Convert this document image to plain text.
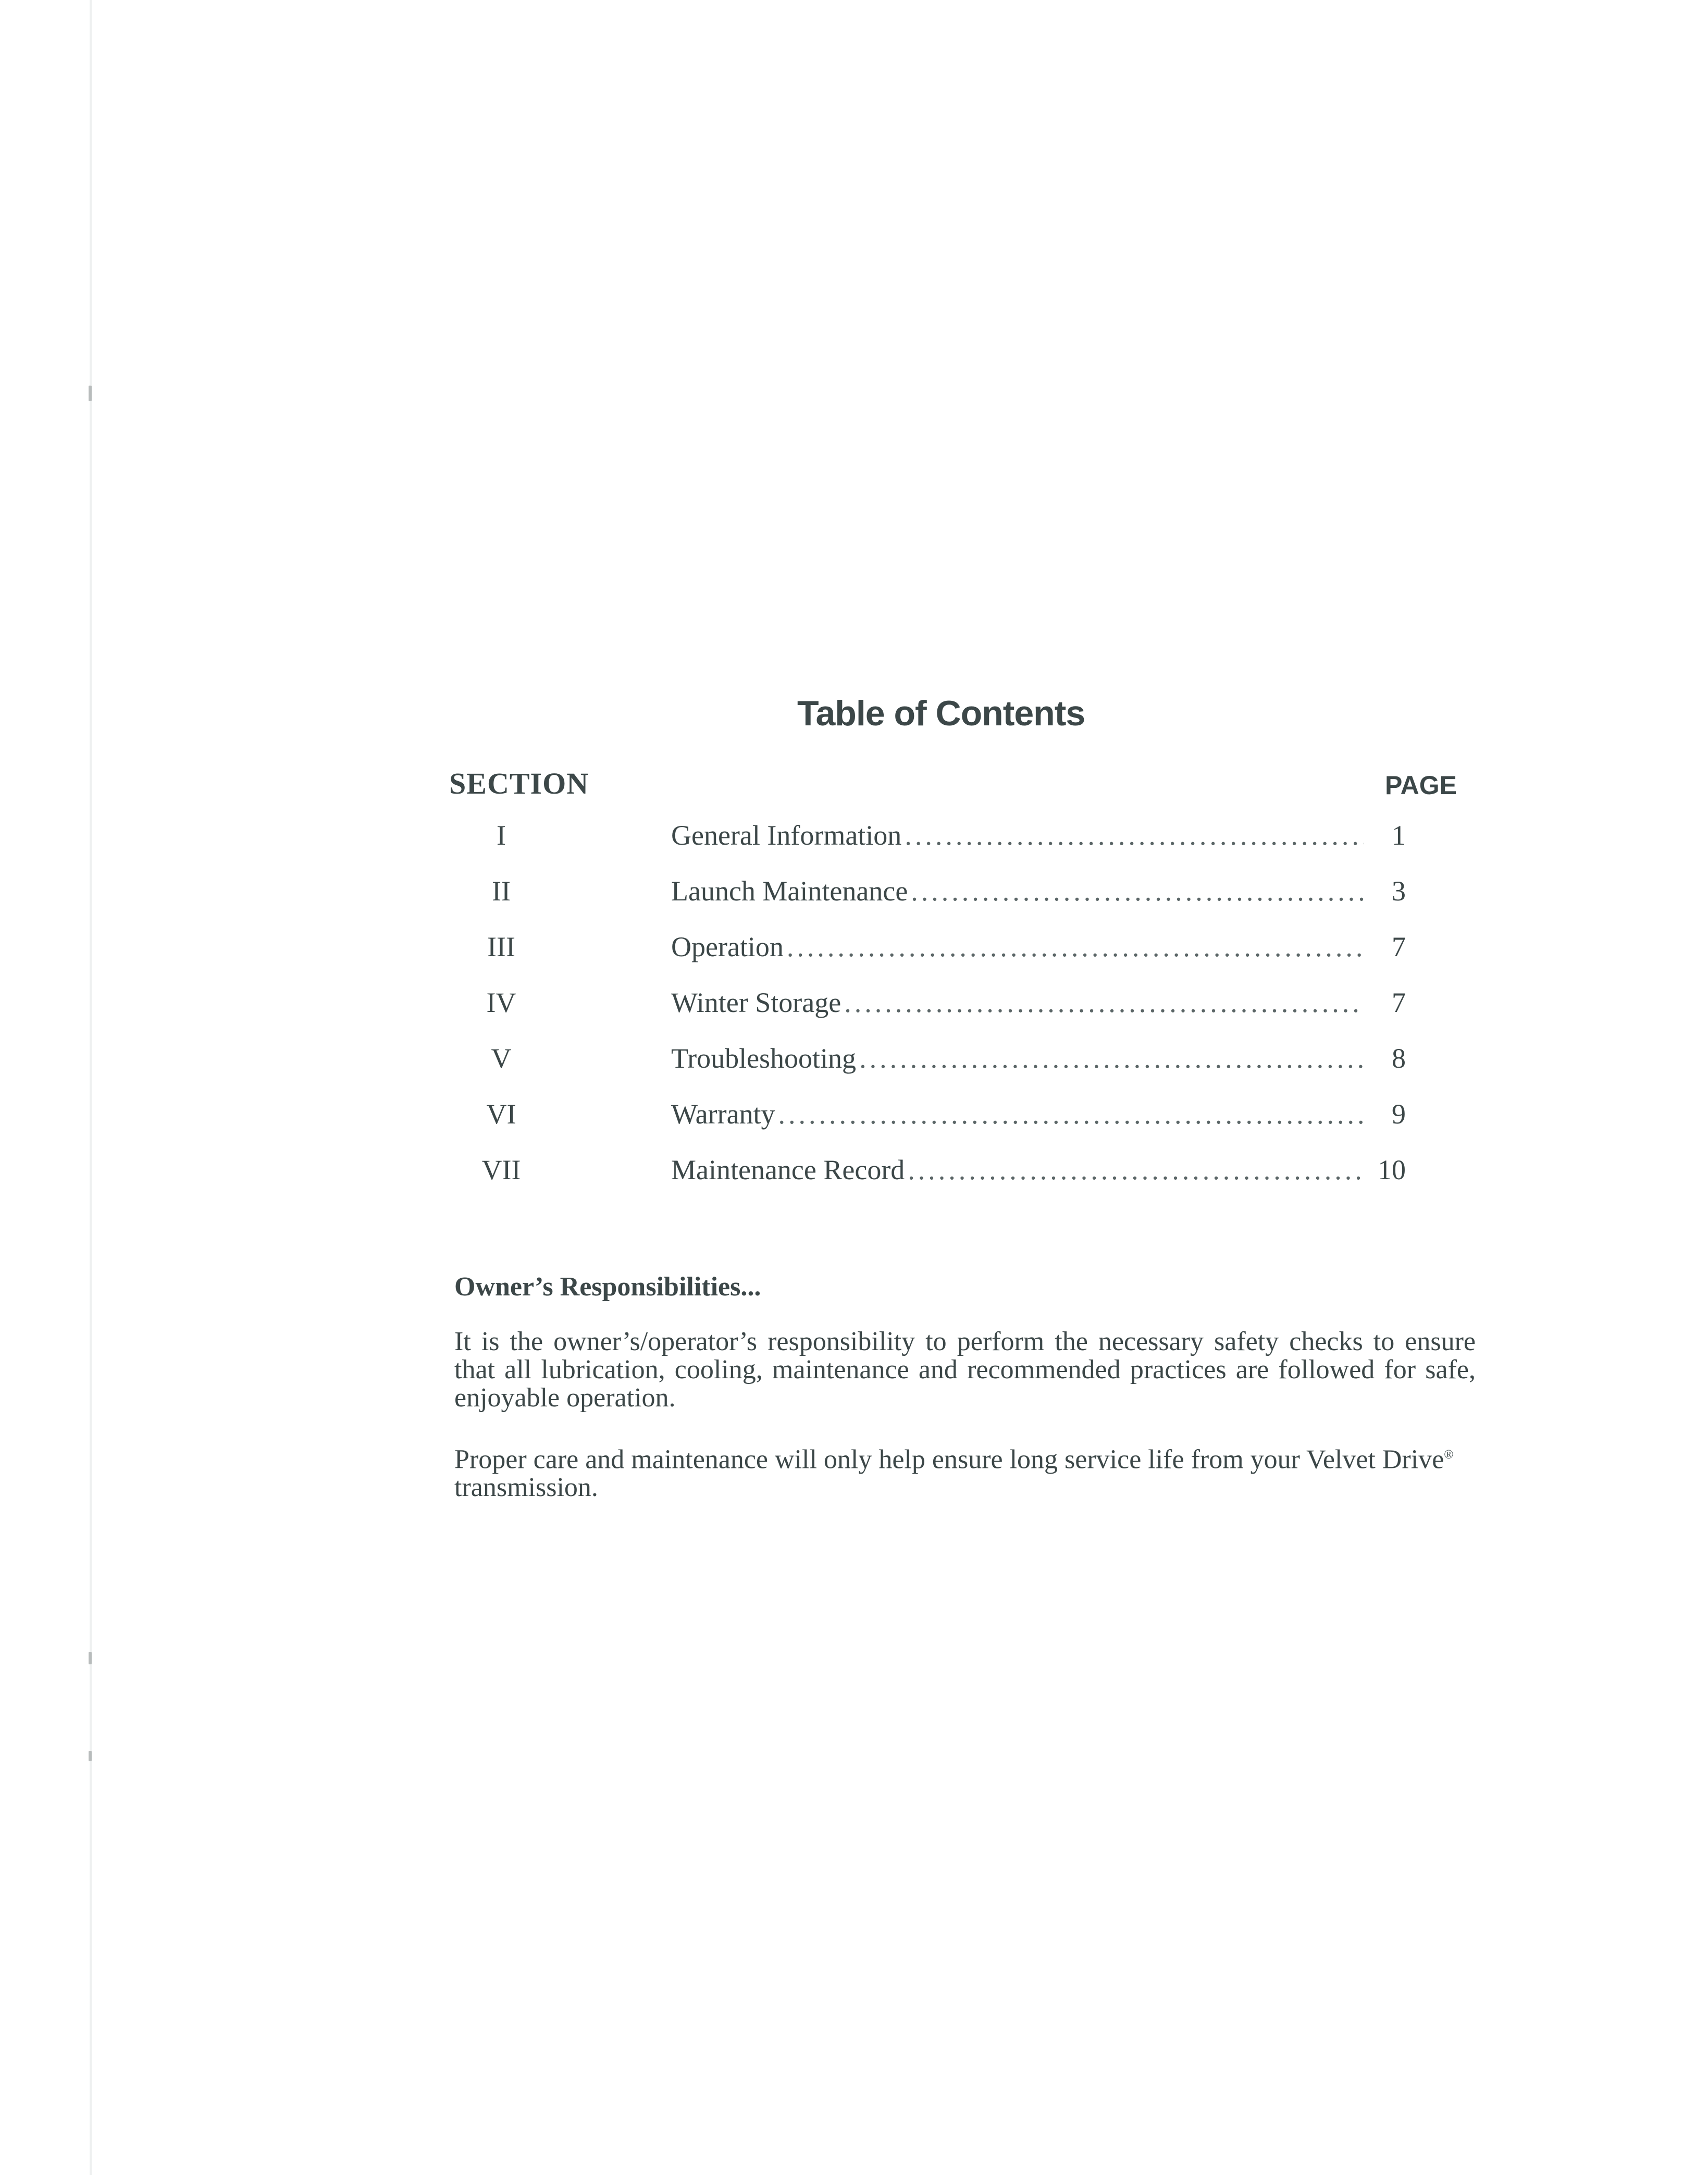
Table of Contents
SECTION	PAGE
I	General Information .....	1
II	Launch Maintenance .....	3
III	Operation .....	7
IV	Winter Storage .....	7
V	Troubleshooting .....	8
VI	Warranty .....	9
VII	Maintenance Record .....	10
Owner’s Responsibilities...

It is the owner’s/operator’s responsibility to perform the necessary safety checks to ensure that all lubrication, cooling, maintenance and recommended practices are followed for safe, enjoyable operation.

Proper care and maintenance will only help ensure long service life from your Velvet Drive® transmission.
